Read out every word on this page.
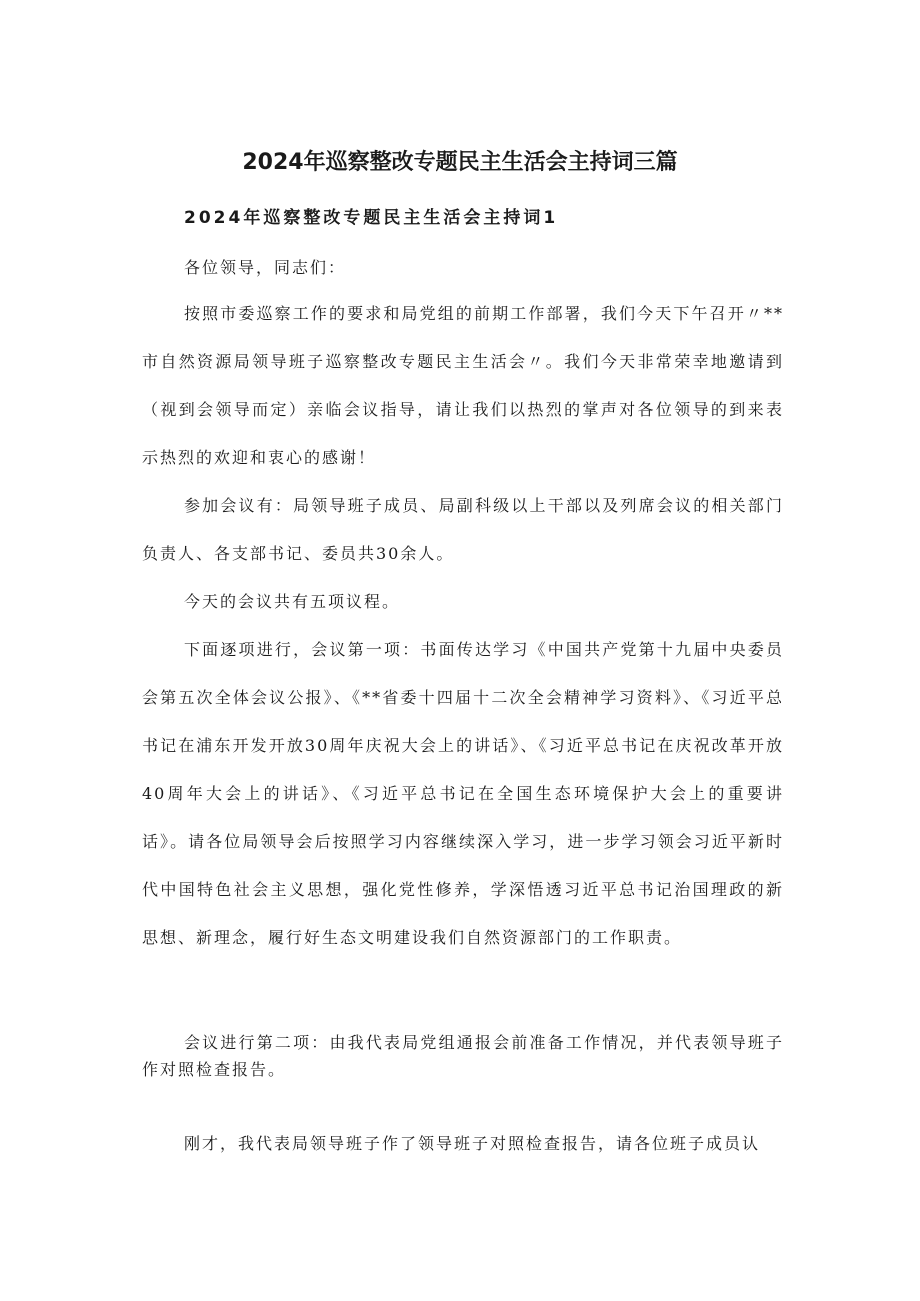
2024年巡察整改专题民主生活会主持词三篇
2024年巡察整改专题民主生活会主持词1
各位领导，同志们：
按照市委巡察工作的要求和局党组的前期工作部署，我们今天下午召开〃**市自然资源局领导班子巡察整改专题民主生活会〃。我们今天非常荣幸地邀请到（视到会领导而定）亲临会议指导，请让我们以热烈的掌声对各位领导的到来表示热烈的欢迎和衷心的感谢！
参加会议有：局领导班子成员、局副科级以上干部以及列席会议的相关部门负责人、各支部书记、委员共30余人。
今天的会议共有五项议程。
下面逐项进行，会议第一项：书面传达学习《中国共产党第十九届中央委员会第五次全体会议公报》、《**省委十四届十二次全会精神学习资料》、《习近平总书记在浦东开发开放30周年庆祝大会上的讲话》、《习近平总书记在庆祝改革开放40周年大会上的讲话》、《习近平总书记在全国生态环境保护大会上的重要讲话》。请各位局领导会后按照学习内容继续深入学习，进一步学习领会习近平新时代中国特色社会主义思想，强化党性修养，学深悟透习近平总书记治国理政的新思想、新理念，履行好生态文明建设我们自然资源部门的工作职责。
会议进行第二项：由我代表局党组通报会前准备工作情况，并代表领导班子作对照检查报告。
刚才，我代表局领导班子作了领导班子对照检查报告，请各位班子成员认
